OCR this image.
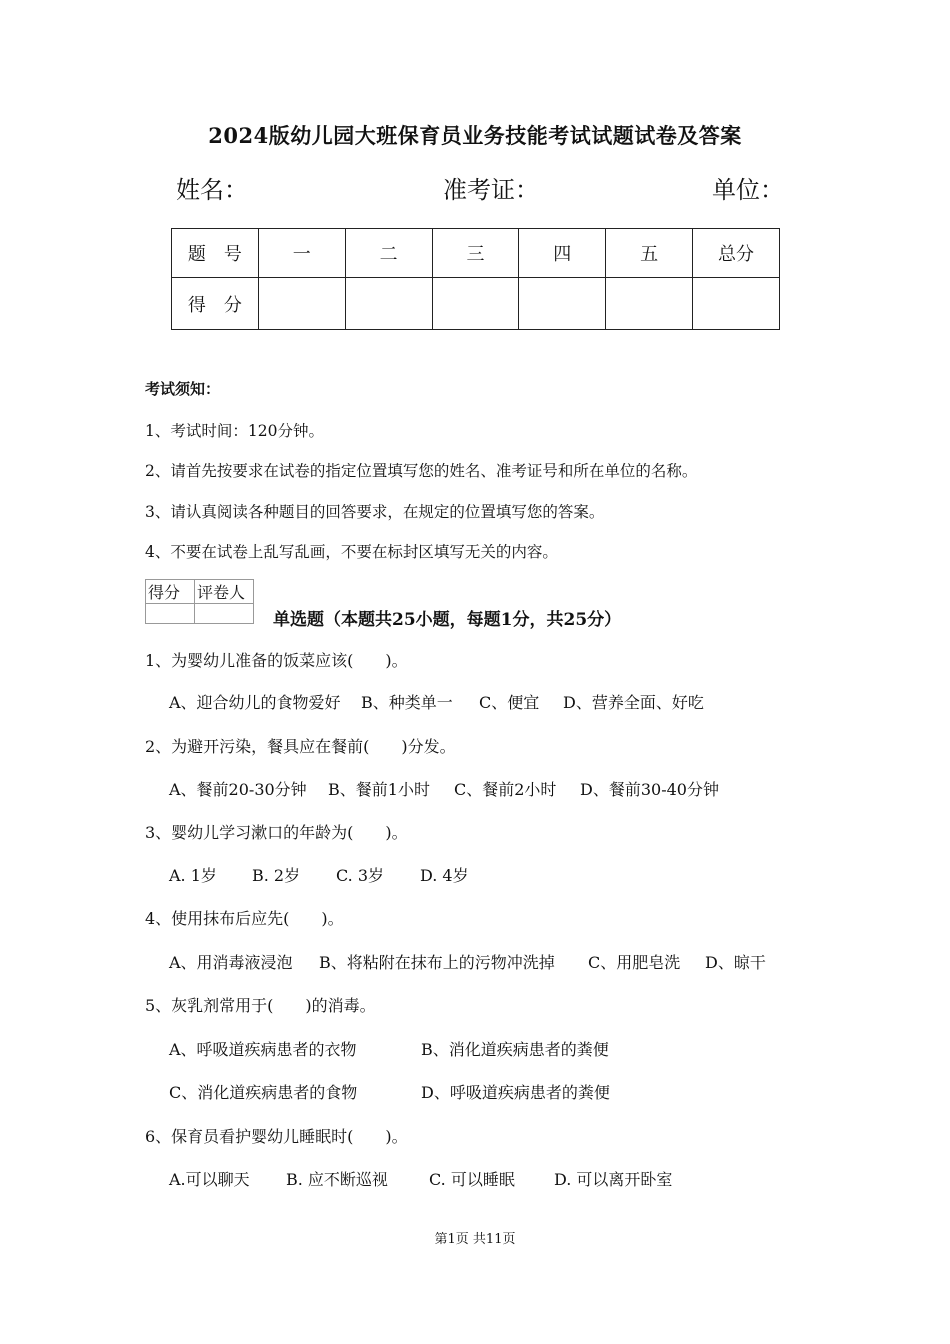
2024版幼儿园大班保育员业务技能考试试题试卷及答案
姓名：	准考证：	单位：
题　号	一	二	三	四	五	总分
得　分						
考试须知：
1、考试时间：120分钟。
2、请首先按要求在试卷的指定位置填写您的姓名、准考证号和所在单位的名称。
3、请认真阅读各种题目的回答要求，在规定的位置填写您的答案。
4、不要在试卷上乱写乱画，不要在标封区填写无关的内容。
得分	评卷人

单选题（本题共25小题，每题1分，共25分）
1、为婴幼儿准备的饭菜应该(　　)。
A、迎合幼儿的食物爱好 B、种类单一 C、便宜 D、营养全面、好吃
2、为避开污染，餐具应在餐前(　　)分发。
A、餐前20-30分钟 B、餐前1小时 C、餐前2小时 D、餐前30-40分钟
3、婴幼儿学习漱口的年龄为(　　)。
A. 1岁 B. 2岁 C. 3岁 D. 4岁
4、使用抹布后应先(　　)。
A、用消毒液浸泡 B、将粘附在抹布上的污物冲洗掉 C、用肥皂洗 D、晾干
5、灰乳剂常用于(　　)的消毒。
A、呼吸道疾病患者的衣物	B、消化道疾病患者的粪便
C、消化道疾病患者的食物	D、呼吸道疾病患者的粪便
6、保育员看护婴幼儿睡眠时(　　)。
A.可以聊天 B. 应不断巡视	C. 可以睡眠 D. 可以离开卧室
第1页 共11页
